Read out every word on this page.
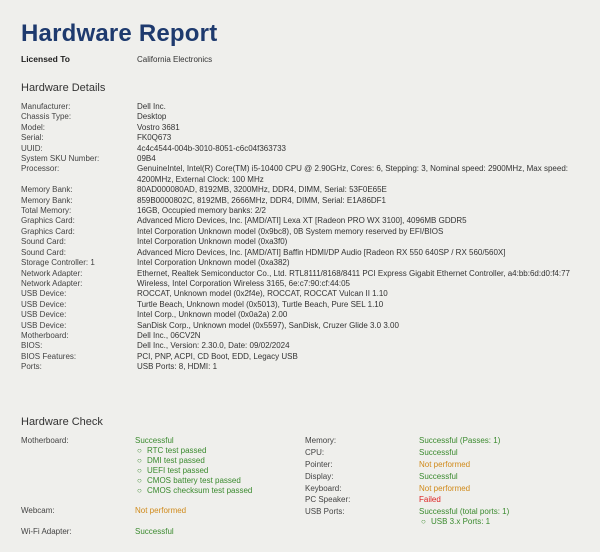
Hardware Report
Licensed To	California Electronics
Hardware Details
Manufacturer:	Dell Inc.
Chassis Type:	Desktop
Model:	Vostro 3681
Serial:	FK0Q673
UUID:	4c4c4544-004b-3010-8051-c6c04f363733
System SKU Number:	09B4
Processor:	GenuineIntel, Intel(R) Core(TM) i5-10400 CPU @ 2.90GHz, Cores: 6, Stepping: 3, Nominal speed: 2900MHz, Max speed: 4200MHz, External Clock: 100 MHz
Memory Bank:	80AD000080AD, 8192MB, 3200MHz, DDR4, DIMM, Serial: 53F0E65E
Memory Bank:	859B0000802C, 8192MB, 2666MHz, DDR4, DIMM, Serial: E1A86DF1
Total Memory:	16GB, Occupied memory banks: 2/2
Graphics Card:	Advanced Micro Devices, Inc. [AMD/ATI] Lexa XT [Radeon PRO WX 3100], 4096MB GDDR5
Graphics Card:	Intel Corporation Unknown model (0x9bc8), 0B System memory reserved by EFI/BIOS
Sound Card:	Intel Corporation Unknown model (0xa3f0)
Sound Card:	Advanced Micro Devices, Inc. [AMD/ATI] Baffin HDMI/DP Audio [Radeon RX 550 640SP / RX 560/560X]
Storage Controller: 1	Intel Corporation Unknown model (0xa382)
Network Adapter:	Ethernet, Realtek Semiconductor Co., Ltd. RTL8111/8168/8411 PCI Express Gigabit Ethernet Controller, a4:bb:6d:d0:f4:77
Network Adapter:	Wireless, Intel Corporation Wireless 3165, 6e:c7:90:cf:44:05
USB Device:	ROCCAT, Unknown model (0x2f4e), ROCCAT, ROCCAT Vulcan II 1.10
USB Device:	Turtle Beach, Unknown model (0x5013), Turtle Beach, Pure SEL 1.10
USB Device:	Intel Corp., Unknown model (0x0a2a) 2.00
USB Device:	SanDisk Corp., Unknown model (0x5597), SanDisk, Cruzer Glide 3.0 3.00
Motherboard:	Dell Inc., 06CV2N
BIOS:	Dell Inc., Version: 2.30.0, Date: 09/02/2024
BIOS Features:	PCI, PNP, ACPI, CD Boot, EDD, Legacy USB
Ports:	USB Ports: 8, HDMI: 1
Hardware Check
Motherboard:	Successful
○ RTC test passed
○ DMI test passed
○ UEFI test passed
○ CMOS battery test passed
○ CMOS checksum test passed
Webcam:	Not performed
Wi-Fi Adapter:	Successful
Memory:	Successful (Passes: 1)
CPU:	Successful
Pointer:	Not performed
Display:	Successful
Keyboard:	Not performed
PC Speaker:	Failed
USB Ports:	Successful (total ports: 1)
○ USB 3.x Ports: 1
